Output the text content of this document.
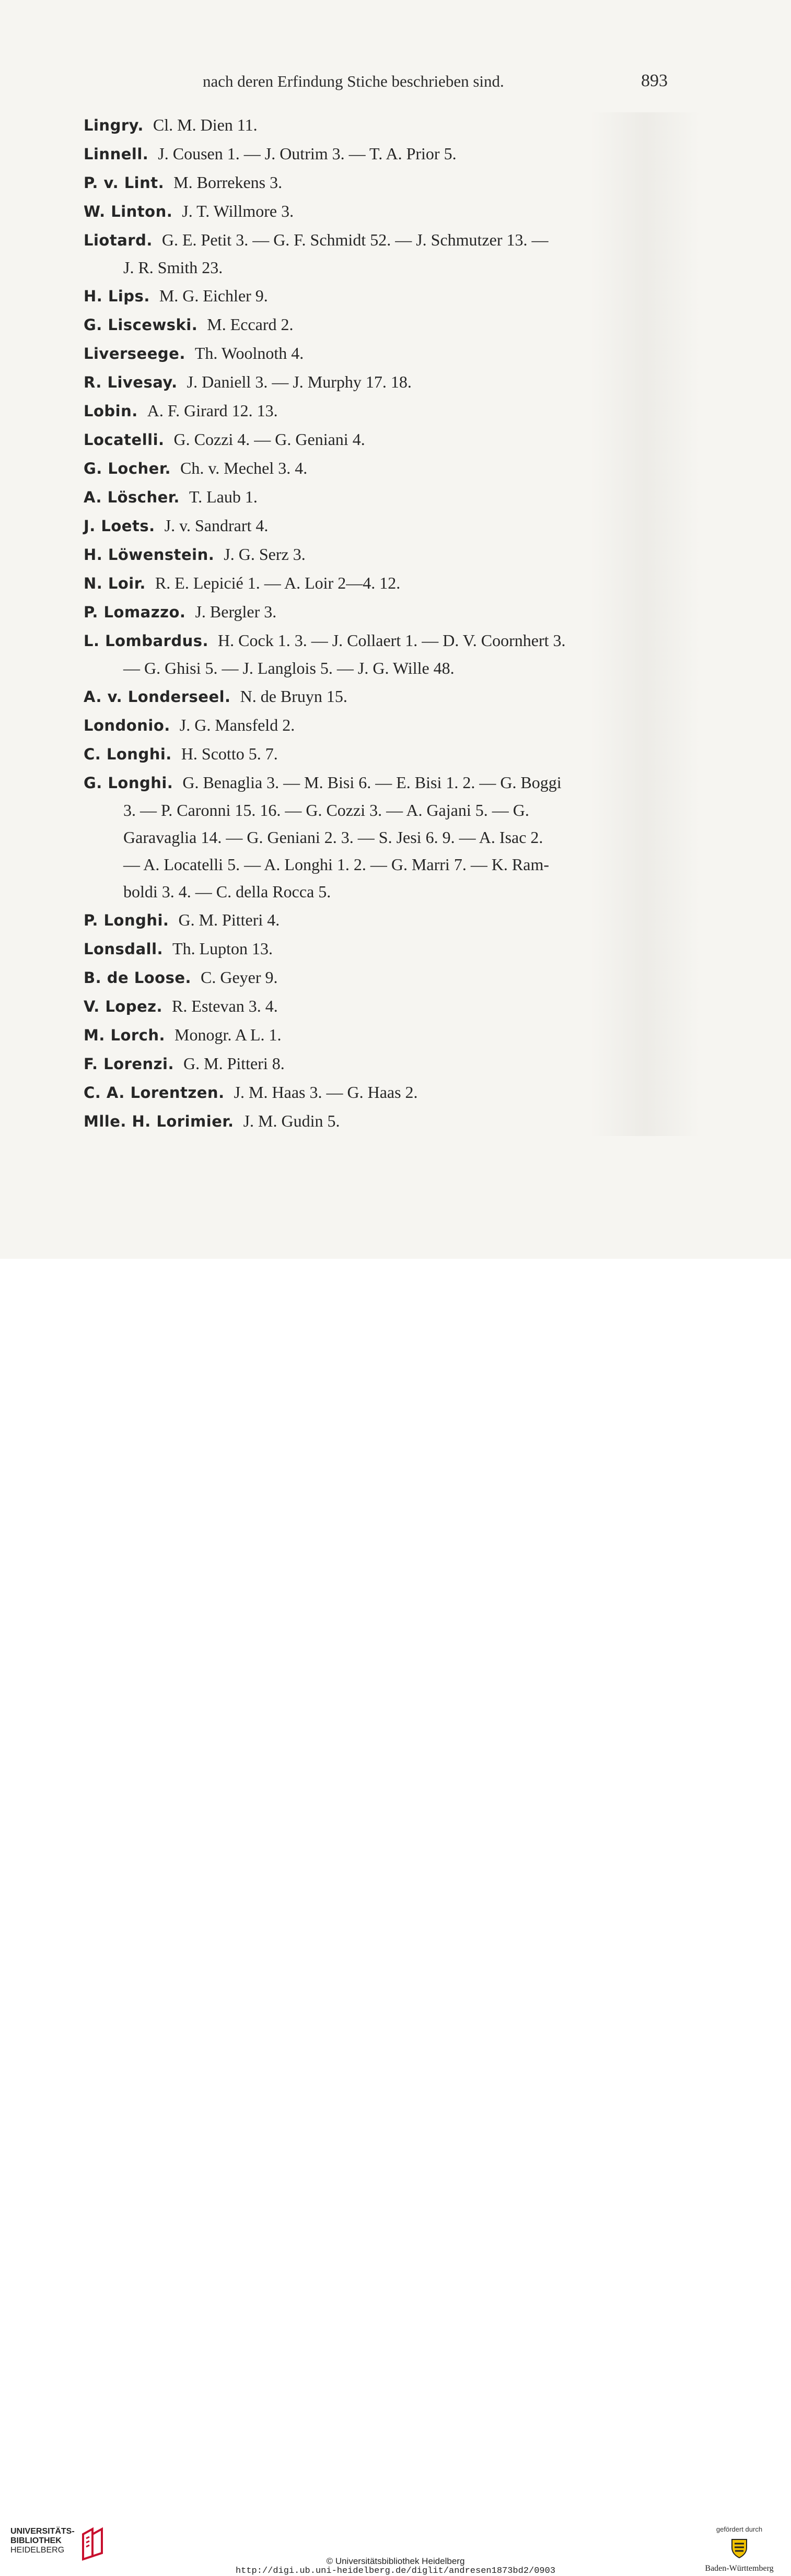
nach deren Erfindung Stiche beschrieben sind.	893
Lingry. Cl. M. Dien 11.
Linnell. J. Cousen 1. — J. Outrim 3. — T. A. Prior 5.
P. v. Lint. M. Borrekens 3.
W. Linton. J. T. Willmore 3.
Liotard. G. E. Petit 3. — G. F. Schmidt 52. — J. Schmutzer 13. —
J. R. Smith 23.
H. Lips. M. G. Eichler 9.
G. Liscewski. M. Eccard 2.
Liverseege. Th. Woolnoth 4.
R. Livesay. J. Daniell 3. — J. Murphy 17. 18.
Lobin. A. F. Girard 12. 13.
Locatelli. G. Cozzi 4. — G. Geniani 4.
G. Locher. Ch. v. Mechel 3. 4.
A. Löscher. T. Laub 1.
J. Loets. J. v. Sandrart 4.
H. Löwenstein. J. G. Serz 3.
N. Loir. R. E. Lepicié 1. — A. Loir 2—4. 12.
P. Lomazzo. J. Bergler 3.
L. Lombardus. H. Cock 1. 3. — J. Collaert 1. — D. V. Coornhert 3.
— G. Ghisi 5. — J. Langlois 5. — J. G. Wille 48.
A. v. Londerseel. N. de Bruyn 15.
Londonio. J. G. Mansfeld 2.
C. Longhi. H. Scotto 5. 7.
G. Longhi. G. Benaglia 3. — M. Bisi 6. — E. Bisi 1. 2. — G. Boggi
3. — P. Caronni 15. 16. — G. Cozzi 3. — A. Gajani 5. — G.
Garavaglia 14. — G. Geniani 2. 3. — S. Jesi 6. 9. — A. Isac 2.
— A. Locatelli 5. — A. Longhi 1. 2. — G. Marri 7. — K. Ram-
boldi 3. 4. — C. della Rocca 5.
P. Longhi. G. M. Pitteri 4.
Lonsdall. Th. Lupton 13.
B. de Loose. C. Geyer 9.
V. Lopez. R. Estevan 3. 4.
M. Lorch. Monogr. A L. 1.
F. Lorenzi. G. M. Pitteri 8.
C. A. Lorentzen. J. M. Haas 3. — G. Haas 2.
Mlle. H. Lorimier. J. M. Gudin 5.
UNIVERSITÄTS-
BIBLIOTHEK
HEIDELBERG
© Universitätsbibliothek Heidelberg
http://digi.ub.uni-heidelberg.de/diglit/andresen1873bd2/0903
gefördert durch
Baden-Württemberg
